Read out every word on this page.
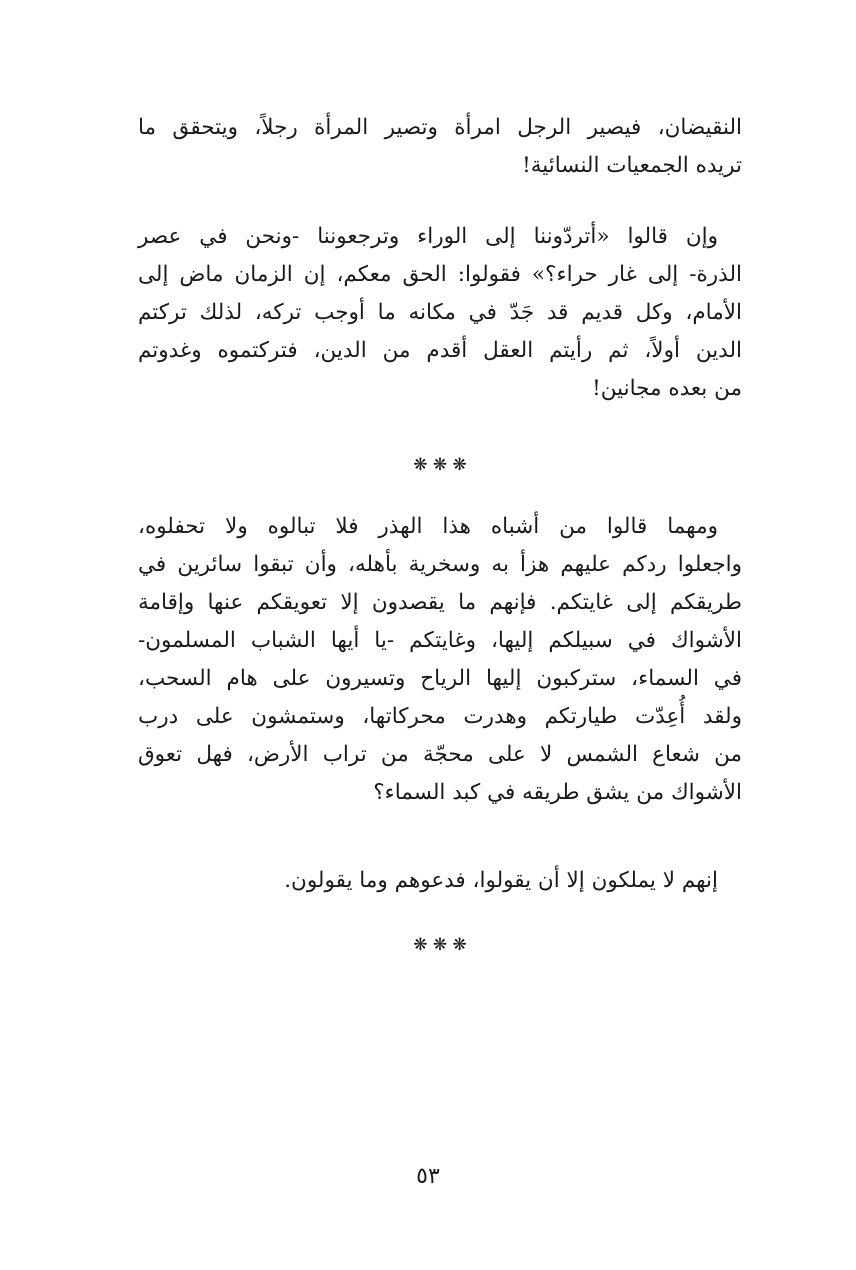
النقيضان، فيصير الرجل امرأة وتصير المرأة رجلاً، ويتحقق ما
تريده الجمعيات النسائية!
وإن قالوا «أتردّوننا إلى الوراء وترجعوننا -ونحن في عصر
الذرة- إلى غار حراء؟» فقولوا: الحق معكم، إن الزمان ماض إلى
الأمام، وكل قديم قد جَدّ في مكانه ما أوجب تركه، لذلك تركتم
الدين أولاً، ثم رأيتم العقل أقدم من الدين، فتركتموه وغدوتم
من بعده مجانين!
❋ ❋ ❋
ومهما قالوا من أشباه هذا الهذر فلا تبالوه ولا تحفلوه،
واجعلوا ردكم عليهم هزأ به وسخرية بأهله، وأن تبقوا سائرين في
طريقكم إلى غايتكم. فإنهم ما يقصدون إلا تعويقكم عنها وإقامة
الأشواك في سبيلكم إليها، وغايتكم -يا أيها الشباب المسلمون-
في السماء، ستركبون إليها الرياح وتسيرون على هام السحب،
ولقد أُعِدّت طيارتكم وهدرت محركاتها، وستمشون على درب
من شعاع الشمس لا على محجّة من تراب الأرض، فهل تعوق
الأشواك من يشق طريقه في كبد السماء؟
إنهم لا يملكون إلا أن يقولوا، فدعوهم وما يقولون.
❋ ❋ ❋
٥٣
